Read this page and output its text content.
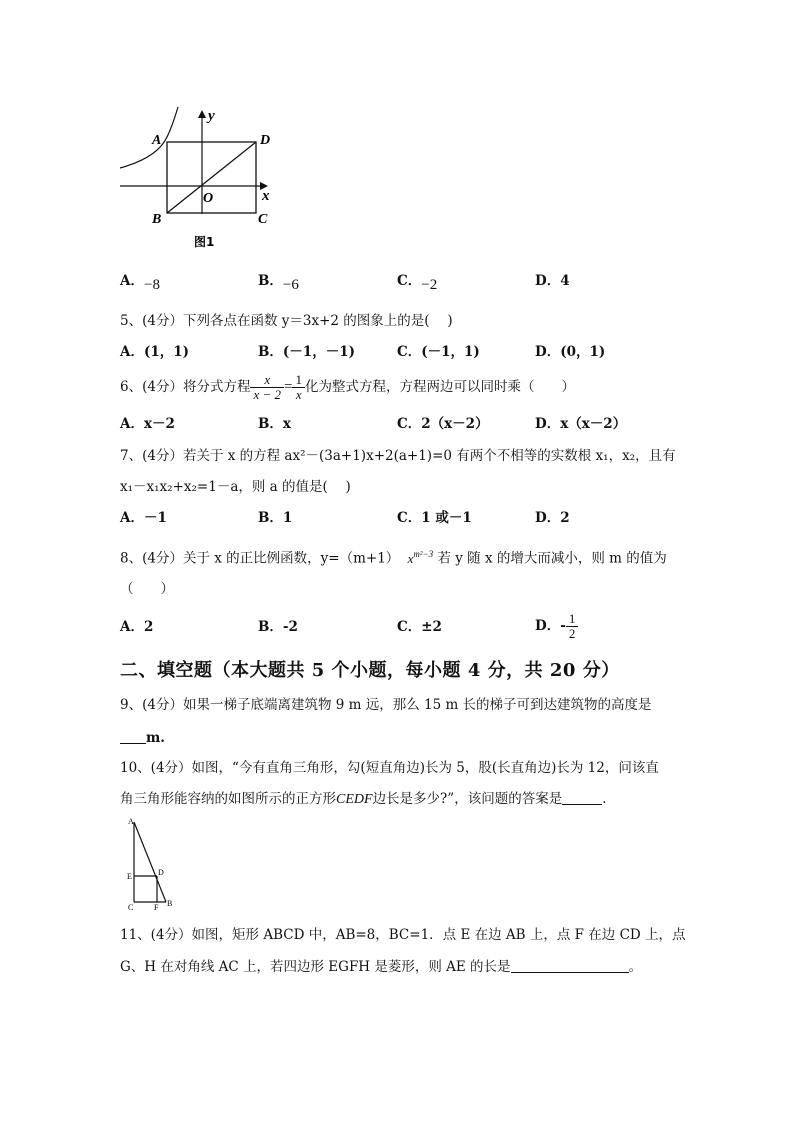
A	D
B	C
O	x
y
图1
A．−8	B．−6	C．−2	D．4
5、(4分）下列各点在函数 y＝3x+2 的图象上的是(　 )
A．(1，1)	B．(－1，－1)	C．(－1，1)	D．(0，1)
6、(4分）将分式方程 $\frac{x}{x - 2} = \frac{1}{x}$ 化为整式方程，方程两边可以同时乘（　　）
A．x－2	B．x	C．2（x－2）	D．x（x－2）
7、(4分）若关于 x 的方程 ax²－(3a+1)x+2(a+1)=0 有两个不相等的实数根 x₁，x₂，且有
x₁－x₁x₂+x₂=1－a，则 a 的值是(　 )
A．－1	B．1	C．1 或－1	D．2
8、(4分）关于 x 的正比例函数，y=（m+1） $x^{m^2-3}$ 若 y 随 x 的增大而减小，则 m 的值为
（　　）
A．2	B．-2	C．±2	D．- $\frac{1}{2}$
二、填空题（本大题共 5 个小题，每小题 4 分，共 20 分）
9、(4分）如果一梯子底端离建筑物 9 m 远，那么 15 m 长的梯子可到达建筑物的高度是
m.
10、(4分）如图，“今有直角三角形，勾(短直角边)长为 5，股(长直角边)长为 12，问该直
角三角形能容纳的如图所示的正方形CEDF边长是多少?”，该问题的答案是	.
A
E	D
C	F B
11、(4分）如图，矩形 ABCD 中，AB=8，BC=1．点 E 在边 AB 上，点 F 在边 CD 上，点
G、H 在对角线 AC 上，若四边形 EGFH 是菱形，则 AE 的长是	。
